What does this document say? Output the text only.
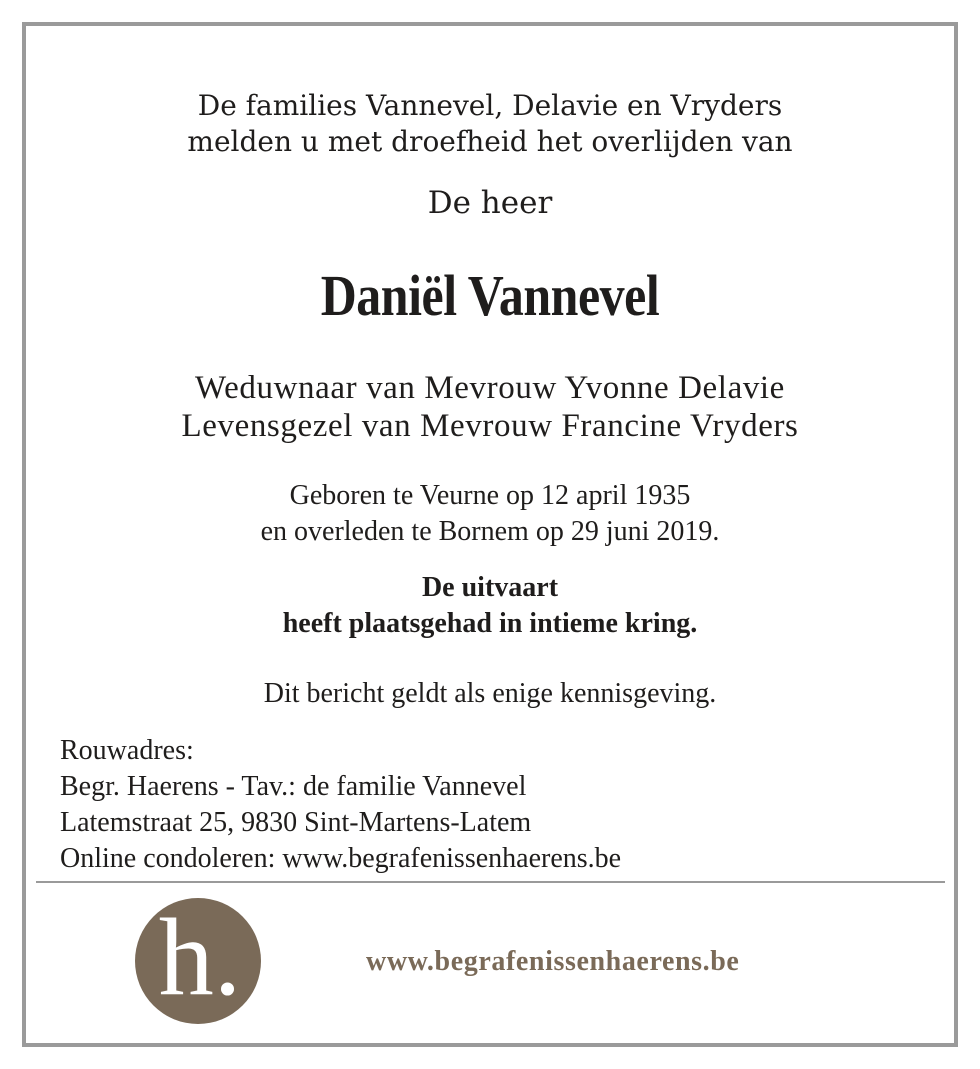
De families Vannevel, Delavie en Vryders
melden u met droefheid het overlijden van
De heer
Daniël Vannevel
Weduwnaar van Mevrouw Yvonne Delavie
Levensgezel van Mevrouw Francine Vryders
Geboren te Veurne op 12 april 1935
en overleden te Bornem op 29 juni 2019.
De uitvaart
heeft plaatsgehad in intieme kring.
Dit bericht geldt als enige kennisgeving.
Rouwadres:
Begr. Haerens - Tav.: de familie Vannevel
Latemstraat 25, 9830 Sint-Martens-Latem
Online condoleren: www.begrafenissenhaerens.be
h.	www.begrafenissenhaerens.be
